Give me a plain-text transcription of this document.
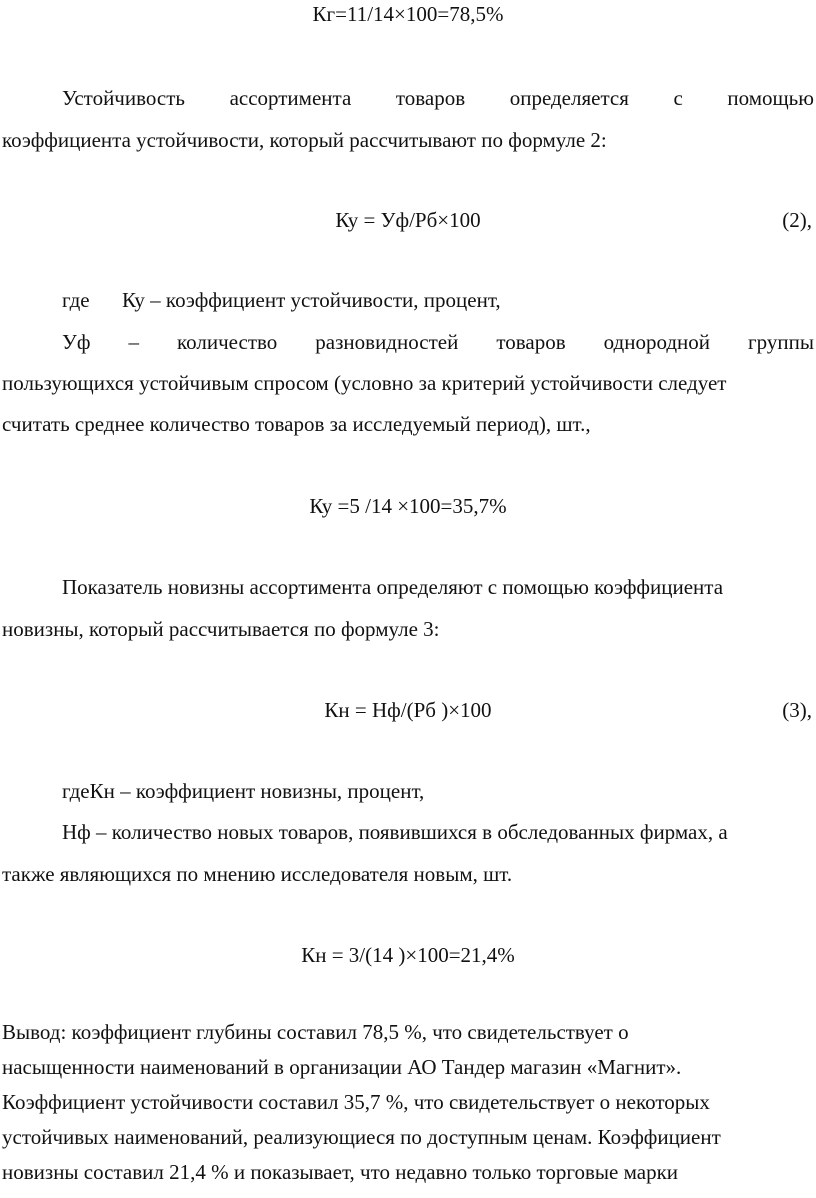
Кг=11/14×100=78,5%
Устойчивость ассортимента товаров определяется с помощью
коэффициента устойчивости, который рассчитывают по формуле 2:
Ку = Уф/Рб×100	(2),
где Ку – коэффициент устойчивости, процент,
Уф – количество разновидностей товаров однородной группы
пользующихся устойчивым спросом (условно за критерий устойчивости следует
считать среднее количество товаров за исследуемый период), шт.,
Ку =5 /14 ×100=35,7%
Показатель новизны ассортимента определяют с помощью коэффициента
новизны, который рассчитывается по формуле 3:
Кн = Нф/(Рб )×100	(3),
гдеКн – коэффициент новизны, процент,
Нф – количество новых товаров, появившихся в обследованных фирмах, а
также являющихся по мнению исследователя новым, шт.
Кн = 3/(14 )×100=21,4%
Вывод: коэффициент глубины составил 78,5 %, что свидетельствует о
насыщенности наименований в организации АО Тандер магазин «Магнит».
Коэффициент устойчивости составил 35,7 %, что свидетельствует о некоторых
устойчивых наименований, реализующиеся по доступным ценам. Коэффициент
новизны составил 21,4 % и показывает, что недавно только торговые марки
